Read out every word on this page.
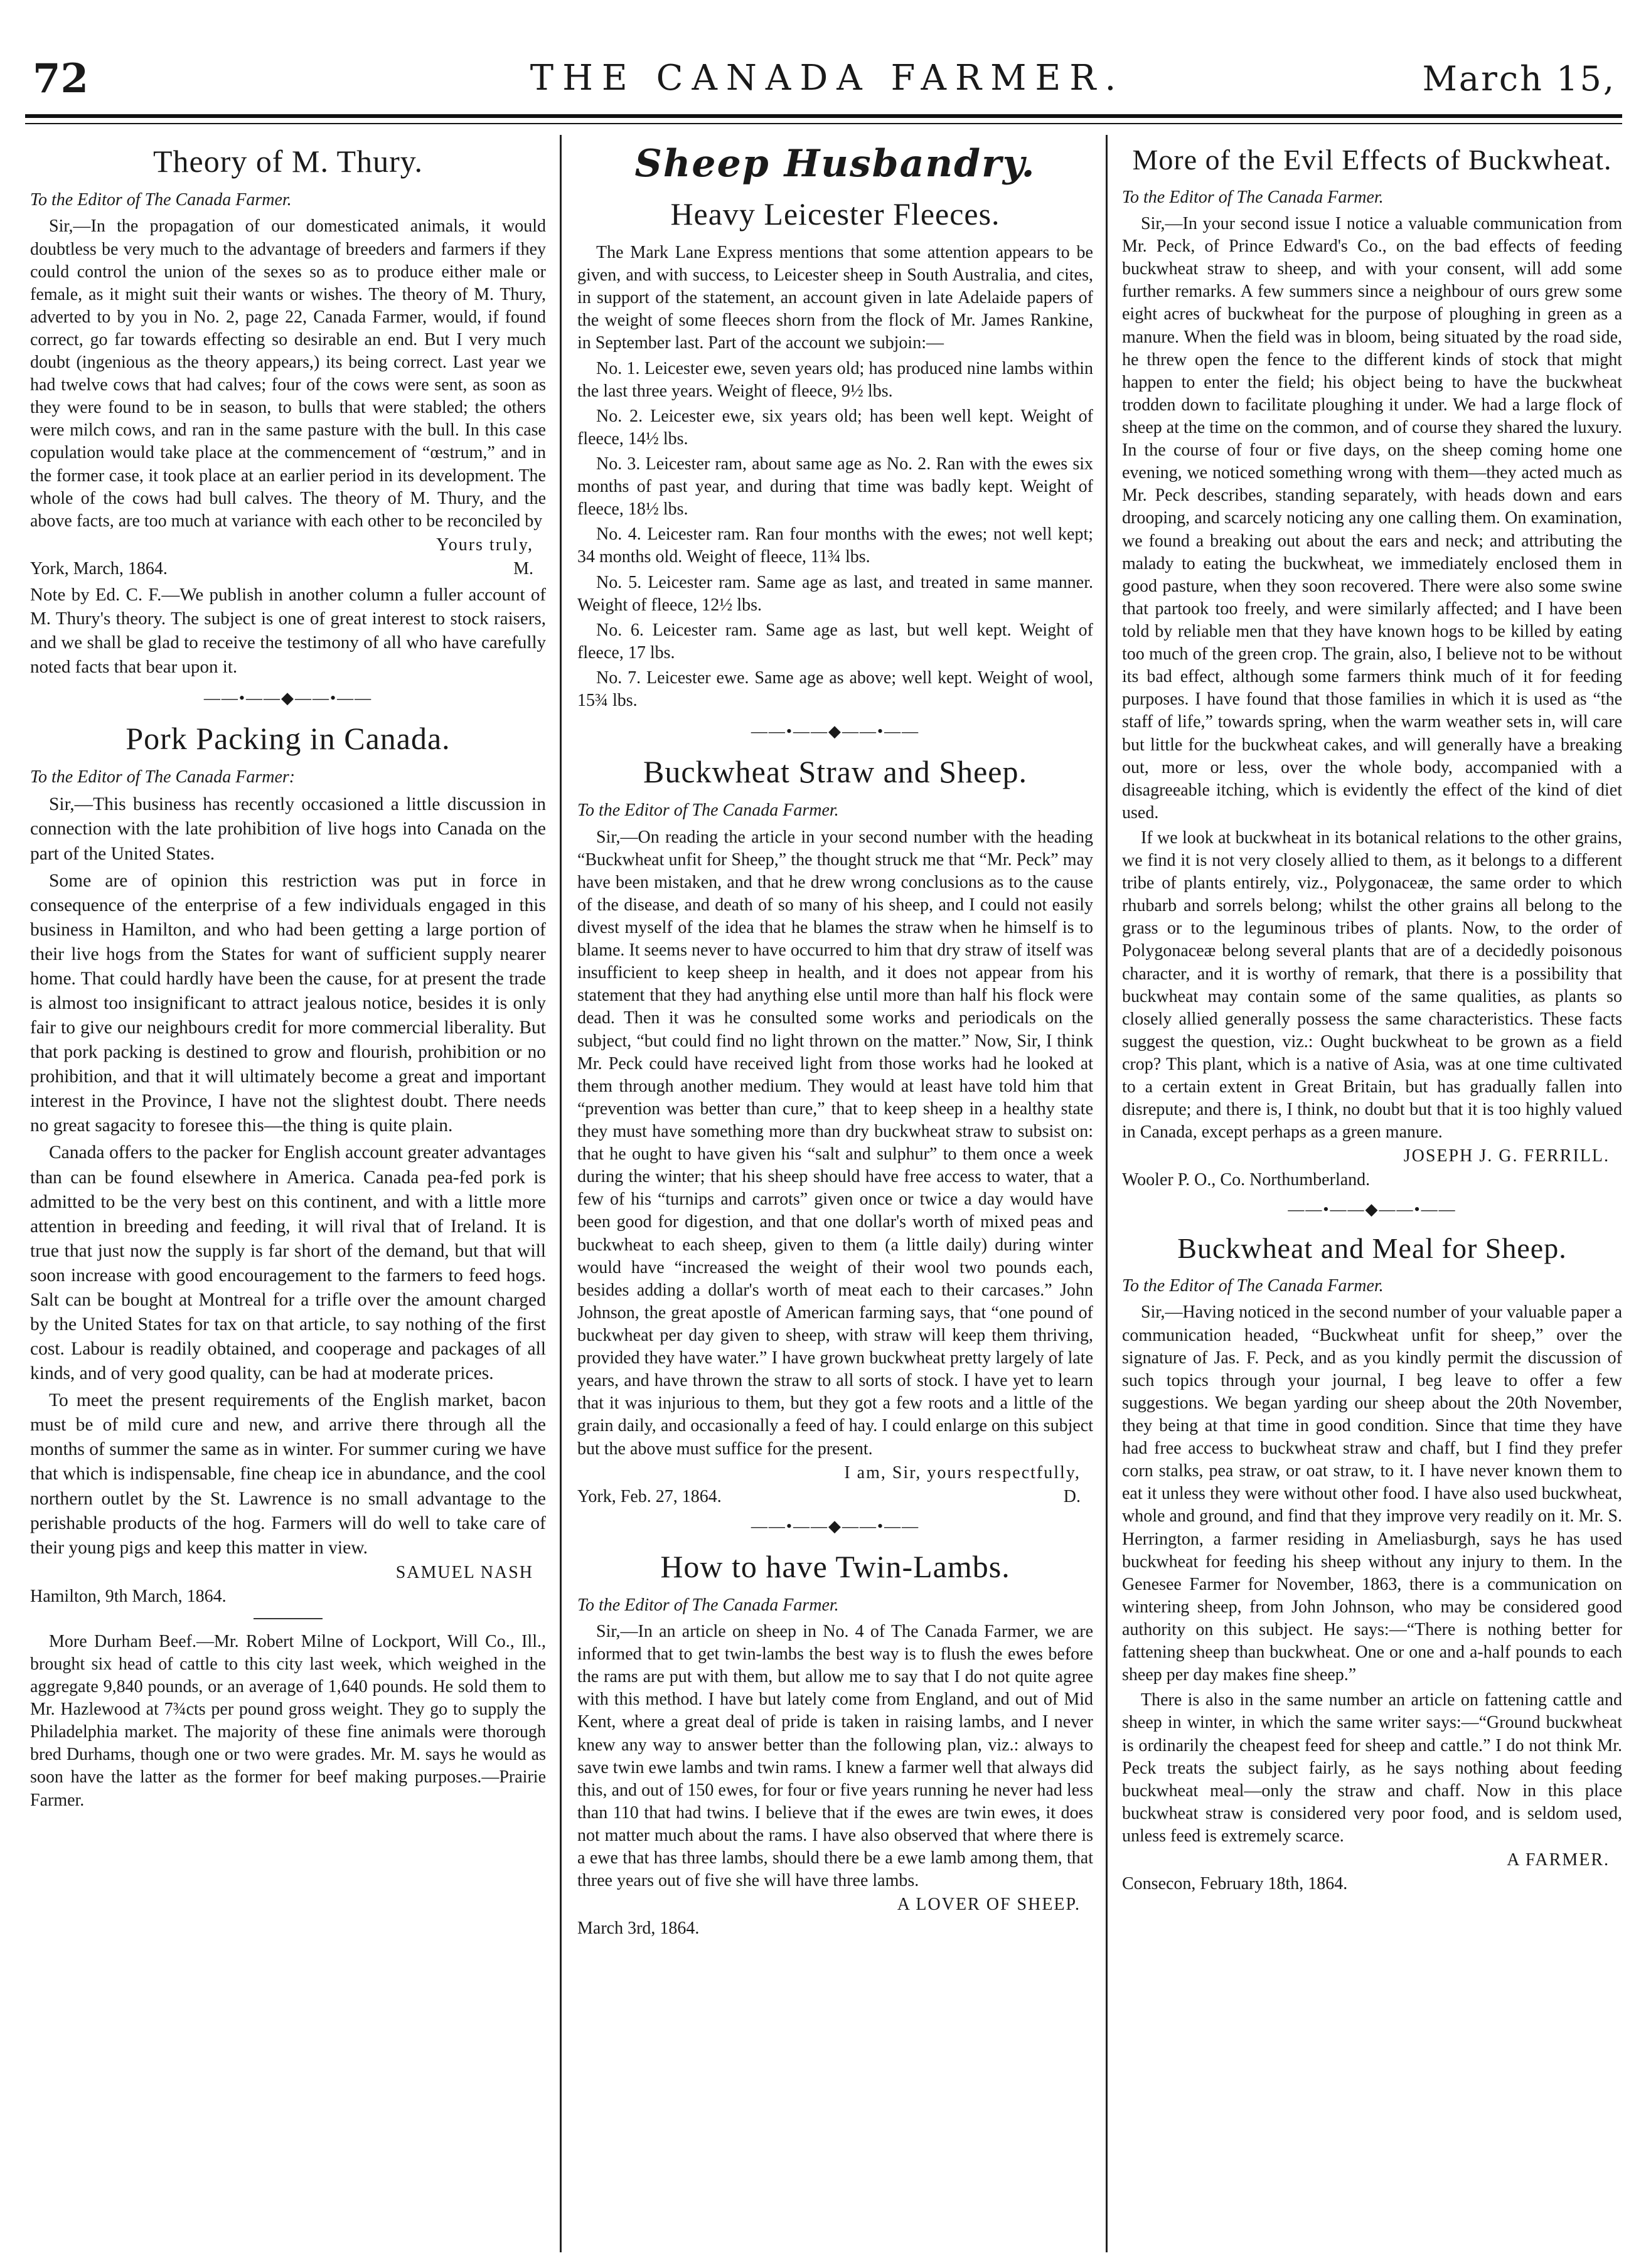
72	THE CANADA FARMER.	March 15,
Theory of M. Thury.
To the Editor of The Canada Farmer.

Sir,—In the propagation of our domesticated animals, it would doubtless be very much to the advantage of breeders and farmers if they could control the union of the sexes so as to produce either male or female, as it might suit their wants or wishes. The theory of M. Thury, adverted to by you in No. 2, page 22, Canada Farmer, would, if found correct, go far towards effecting so desirable an end. But I very much doubt (ingenious as the theory appears,) its being correct. Last year we had twelve cows that had calves; four of the cows were sent, as soon as they were found to be in season, to bulls that were stabled; the others were milch cows, and ran in the same pasture with the bull. In this case copulation would take place at the commencement of “œstrum,” and in the former case, it took place at an earlier period in its development. The whole of the cows had bull calves. The theory of M. Thury, and the above facts, are too much at variance with each other to be reconciled by

Yours truly,
York, March, 1864.	M.
Note by Ed. C. F.—We publish in another column a fuller account of M. Thury's theory. The subject is one of great interest to stock raisers, and we shall be glad to receive the testimony of all who have carefully noted facts that bear upon it.
——•——◆——•——
Pork Packing in Canada.
To the Editor of The Canada Farmer:

Sir,—This business has recently occasioned a little discussion in connection with the late prohibition of live hogs into Canada on the part of the United States.

Some are of opinion this restriction was put in force in consequence of the enterprise of a few individuals engaged in this business in Hamilton, and who had been getting a large portion of their live hogs from the States for want of sufficient supply nearer home. That could hardly have been the cause, for at present the trade is almost too insignificant to attract jealous notice, besides it is only fair to give our neighbours credit for more commercial liberality. But that pork packing is destined to grow and flourish, prohibition or no prohibition, and that it will ultimately become a great and important interest in the Province, I have not the slightest doubt. There needs no great sagacity to foresee this—the thing is quite plain.

Canada offers to the packer for English account greater advantages than can be found elsewhere in America. Canada pea-fed pork is admitted to be the very best on this continent, and with a little more attention in breeding and feeding, it will rival that of Ireland. It is true that just now the supply is far short of the demand, but that will soon increase with good encouragement to the farmers to feed hogs. Salt can be bought at Montreal for a trifle over the amount charged by the United States for tax on that article, to say nothing of the first cost. Labour is readily obtained, and cooperage and packages of all kinds, and of very good quality, can be had at moderate prices.

To meet the present requirements of the English market, bacon must be of mild cure and new, and arrive there through all the months of summer the same as in winter. For summer curing we have that which is indispensable, fine cheap ice in abundance, and the cool northern outlet by the St. Lawrence is no small advantage to the perishable products of the hog. Farmers will do well to take care of their young pigs and keep this matter in view.

SAMUEL NASH
Hamilton, 9th March, 1864.

More Durham Beef.—Mr. Robert Milne of Lockport, Will Co., Ill., brought six head of cattle to this city last week, which weighed in the aggregate 9,840 pounds, or an average of 1,640 pounds. He sold them to Mr. Hazlewood at 7¾cts per pound gross weight. They go to supply the Philadelphia market. The majority of these fine animals were thorough bred Durhams, though one or two were grades. Mr. M. says he would as soon have the latter as the former for beef making purposes.—Prairie Farmer.

Sheep Husbandry.
Heavy Leicester Fleeces.

The Mark Lane Express mentions that some attention appears to be given, and with success, to Leicester sheep in South Australia, and cites, in support of the statement, an account given in late Adelaide papers of the weight of some fleeces shorn from the flock of Mr. James Rankine, in September last. Part of the account we subjoin:—

No. 1. Leicester ewe, seven years old; has produced nine lambs within the last three years. Weight of fleece, 9½ lbs.

No. 2. Leicester ewe, six years old; has been well kept. Weight of fleece, 14½ lbs.

No. 3. Leicester ram, about same age as No. 2. Ran with the ewes six months of past year, and during that time was badly kept. Weight of fleece, 18½ lbs.

No. 4. Leicester ram. Ran four months with the ewes; not well kept; 34 months old. Weight of fleece, 11¾ lbs.

No. 5. Leicester ram. Same age as last, and treated in same manner. Weight of fleece, 12½ lbs.

No. 6. Leicester ram. Same age as last, but well kept. Weight of fleece, 17 lbs.

No. 7. Leicester ewe. Same age as above; well kept. Weight of wool, 15¾ lbs.

——•——◆——•——
Buckwheat Straw and Sheep.
To the Editor of The Canada Farmer.

Sir,—On reading the article in your second number with the heading “Buckwheat unfit for Sheep,” the thought struck me that “Mr. Peck” may have been mistaken, and that he drew wrong conclusions as to the cause of the disease, and death of so many of his sheep, and I could not easily divest myself of the idea that he blames the straw when he himself is to blame. It seems never to have occurred to him that dry straw of itself was insufficient to keep sheep in health, and it does not appear from his statement that they had anything else until more than half his flock were dead. Then it was he consulted some works and periodicals on the subject, “but could find no light thrown on the matter.” Now, Sir, I think Mr. Peck could have received light from those works had he looked at them through another medium. They would at least have told him that “prevention was better than cure,” that to keep sheep in a healthy state they must have something more than dry buckwheat straw to subsist on: that he ought to have given his “salt and sulphur” to them once a week during the winter; that his sheep should have free access to water, that a few of his “turnips and carrots” given once or twice a day would have been good for digestion, and that one dollar's worth of mixed peas and buckwheat to each sheep, given to them (a little daily) during winter would have “increased the weight of their wool two pounds each, besides adding a dollar's worth of meat each to their carcases.” John Johnson, the great apostle of American farming says, that “one pound of buckwheat per day given to sheep, with straw will keep them thriving, provided they have water.” I have grown buckwheat pretty largely of late years, and have thrown the straw to all sorts of stock. I have yet to learn that it was injurious to them, but they got a few roots and a little of the grain daily, and occasionally a feed of hay. I could enlarge on this subject but the above must suffice for the present.

I am, Sir, yours respectfully,
York, Feb. 27, 1864.	D.
——•——◆——•——
How to have Twin-Lambs.
To the Editor of The Canada Farmer.

Sir,—In an article on sheep in No. 4 of The Canada Farmer, we are informed that to get twin-lambs the best way is to flush the ewes before the rams are put with them, but allow me to say that I do not quite agree with this method. I have but lately come from England, and out of Mid Kent, where a great deal of pride is taken in raising lambs, and I never knew any way to answer better than the following plan, viz.: always to save twin ewe lambs and twin rams. I knew a farmer well that always did this, and out of 150 ewes, for four or five years running he never had less than 110 that had twins. I believe that if the ewes are twin ewes, it does not matter much about the rams. I have also observed that where there is a ewe that has three lambs, should there be a ewe lamb among them, that three years out of five she will have three lambs.

A LOVER OF SHEEP.
March 3rd, 1864.
More of the Evil Effects of Buckwheat.
To the Editor of The Canada Farmer.

Sir,—In your second issue I notice a valuable communication from Mr. Peck, of Prince Edward's Co., on the bad effects of feeding buckwheat straw to sheep, and with your consent, will add some further remarks. A few summers since a neighbour of ours grew some eight acres of buckwheat for the purpose of ploughing in green as a manure. When the field was in bloom, being situated by the road side, he threw open the fence to the different kinds of stock that might happen to enter the field; his object being to have the buckwheat trodden down to facilitate ploughing it under. We had a large flock of sheep at the time on the common, and of course they shared the luxury. In the course of four or five days, on the sheep coming home one evening, we noticed something wrong with them—they acted much as Mr. Peck describes, standing separately, with heads down and ears drooping, and scarcely noticing any one calling them. On examination, we found a breaking out about the ears and neck; and attributing the malady to eating the buckwheat, we immediately enclosed them in good pasture, when they soon recovered. There were also some swine that partook too freely, and were similarly affected; and I have been told by reliable men that they have known hogs to be killed by eating too much of the green crop. The grain, also, I believe not to be without its bad effect, although some farmers think much of it for feeding purposes. I have found that those families in which it is used as “the staff of life,” towards spring, when the warm weather sets in, will care but little for the buckwheat cakes, and will generally have a breaking out, more or less, over the whole body, accompanied with a disagreeable itching, which is evidently the effect of the kind of diet used.

If we look at buckwheat in its botanical relations to the other grains, we find it is not very closely allied to them, as it belongs to a different tribe of plants entirely, viz., Polygonaceæ, the same order to which rhubarb and sorrels belong; whilst the other grains all belong to the grass or to the leguminous tribes of plants. Now, to the order of Polygonaceæ belong several plants that are of a decidedly poisonous character, and it is worthy of remark, that there is a possibility that buckwheat may contain some of the same qualities, as plants so closely allied generally possess the same characteristics. These facts suggest the question, viz.: Ought buckwheat to be grown as a field crop? This plant, which is a native of Asia, was at one time cultivated to a certain extent in Great Britain, but has gradually fallen into disrepute; and there is, I think, no doubt but that it is too highly valued in Canada, except perhaps as a green manure.

JOSEPH J. G. FERRILL.
Wooler P. O., Co. Northumberland.
——•——◆——•——
Buckwheat and Meal for Sheep.
To the Editor of The Canada Farmer.

Sir,—Having noticed in the second number of your valuable paper a communication headed, “Buckwheat unfit for sheep,” over the signature of Jas. F. Peck, and as you kindly permit the discussion of such topics through your journal, I beg leave to offer a few suggestions. We began yarding our sheep about the 20th November, they being at that time in good condition. Since that time they have had free access to buckwheat straw and chaff, but I find they prefer corn stalks, pea straw, or oat straw, to it. I have never known them to eat it unless they were without other food. I have also used buckwheat, whole and ground, and find that they improve very readily on it. Mr. S. Herrington, a farmer residing in Ameliasburgh, says he has used buckwheat for feeding his sheep without any injury to them. In the Genesee Farmer for November, 1863, there is a communication on wintering sheep, from John Johnson, who may be considered good authority on this subject. He says:—“There is nothing better for fattening sheep than buckwheat. One or one and a-half pounds to each sheep per day makes fine sheep.”

There is also in the same number an article on fattening cattle and sheep in winter, in which the same writer says:—“Ground buckwheat is ordinarily the cheapest feed for sheep and cattle.” I do not think Mr. Peck treats the subject fairly, as he says nothing about feeding buckwheat meal—only the straw and chaff. Now in this place buckwheat straw is considered very poor food, and is seldom used, unless feed is extremely scarce.

A FARMER.
Consecon, February 18th, 1864.
